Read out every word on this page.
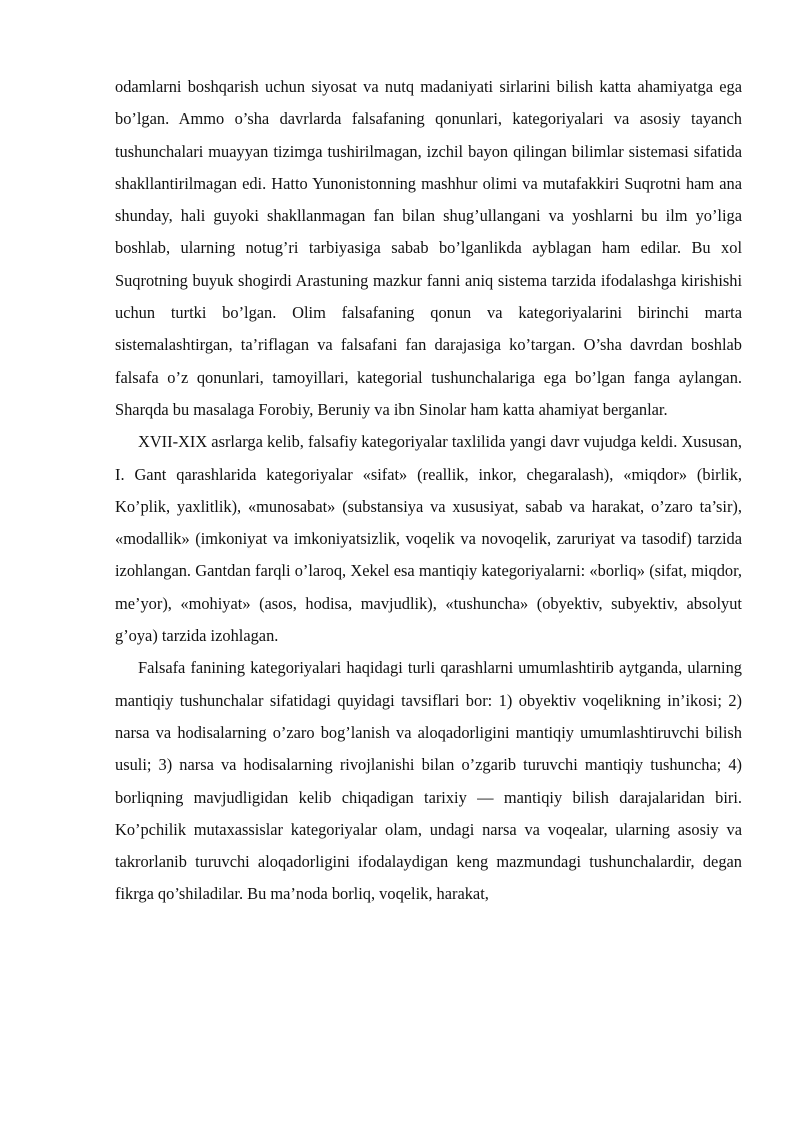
odamlarni boshqarish uchun siyosat va nutq madaniyati sirlarini bilish katta ahamiyatga ega bo’lgan. Ammo o’sha davrlarda falsafaning qonunlari, kategoriyalari va asosiy tayanch tushunchalari muayyan tizimga tushirilmagan, izchil bayon qilingan bilimlar sistemasi sifatida shakllantirilmagan edi. Hatto Yunonistonning mashhur olimi va mutafakkiri Suqrotni ham ana shunday, hali guyoki shakllanmagan fan bilan shug’ullangani va yoshlarni bu ilm yo’liga boshlab, ularning notug’ri tarbiyasiga sabab bo’lganlikda ayblagan ham edilar. Bu xol Suqrotning buyuk shogirdi Arastuning mazkur fanni aniq sistema tarzida ifodalashga kirishishi uchun turtki bo’lgan. Olim falsafaning qonun va kategoriyalarini birinchi marta sistemalashtirgan, ta’riflagan va falsafani fan darajasiga ko’targan. O’sha davrdan boshlab falsafa o’z qonunlari, tamoyillari, kategorial tushunchalariga ega bo’lgan fanga aylangan. Sharqda bu masalaga Forobiy, Beruniy va ibn Sinolar ham katta ahamiyat berganlar.

XVII-XIX asrlarga kelib, falsafiy kategoriyalar taxlilida yangi davr vujudga keldi. Xususan, I. Gant qarashlarida kategoriyalar «sifat» (reallik, inkor, chegaralash), «miqdor» (birlik, Ko’plik, yaxlitlik), «munosabat» (substansiya va xususiyat, sabab va harakat, o’zaro ta’sir), «modallik» (imkoniyat va imkoniyatsizlik, voqelik va novoqelik, zaruriyat va tasodif) tarzida izohlangan. Gantdan farqli o’laroq, Xekel esa mantiqiy kategoriyalarni: «borliq» (sifat, miqdor, me’yor), «mohiyat» (asos, hodisa, mavjudlik), «tushuncha» (obyektiv, subyektiv, absolyut g’oya) tarzida izohlagan.

Falsafa fanining kategoriyalari haqidagi turli qarashlarni umumlashtirib aytganda, ularning mantiqiy tushunchalar sifatidagi quyidagi tavsiflari bor: 1) obyektiv voqelikning in’ikosi; 2) narsa va hodisalarning o’zaro bog’lanish va aloqadorligini mantiqiy umumlashtiruvchi bilish usuli; 3) narsa va hodisalarning rivojlanishi bilan o’zgarib turuvchi mantiqiy tushuncha; 4) borliqning mavjudligidan kelib chiqadigan tarixiy — mantiqiy bilish darajalaridan biri. Ko’pchilik mutaxassislar kategoriyalar olam, undagi narsa va voqealar, ularning asosiy va takrorlanib turuvchi aloqadorligini ifodalaydigan keng mazmundagi tushunchalardir, degan fikrga qo’shiladilar. Bu ma’noda borliq, voqelik, harakat,
